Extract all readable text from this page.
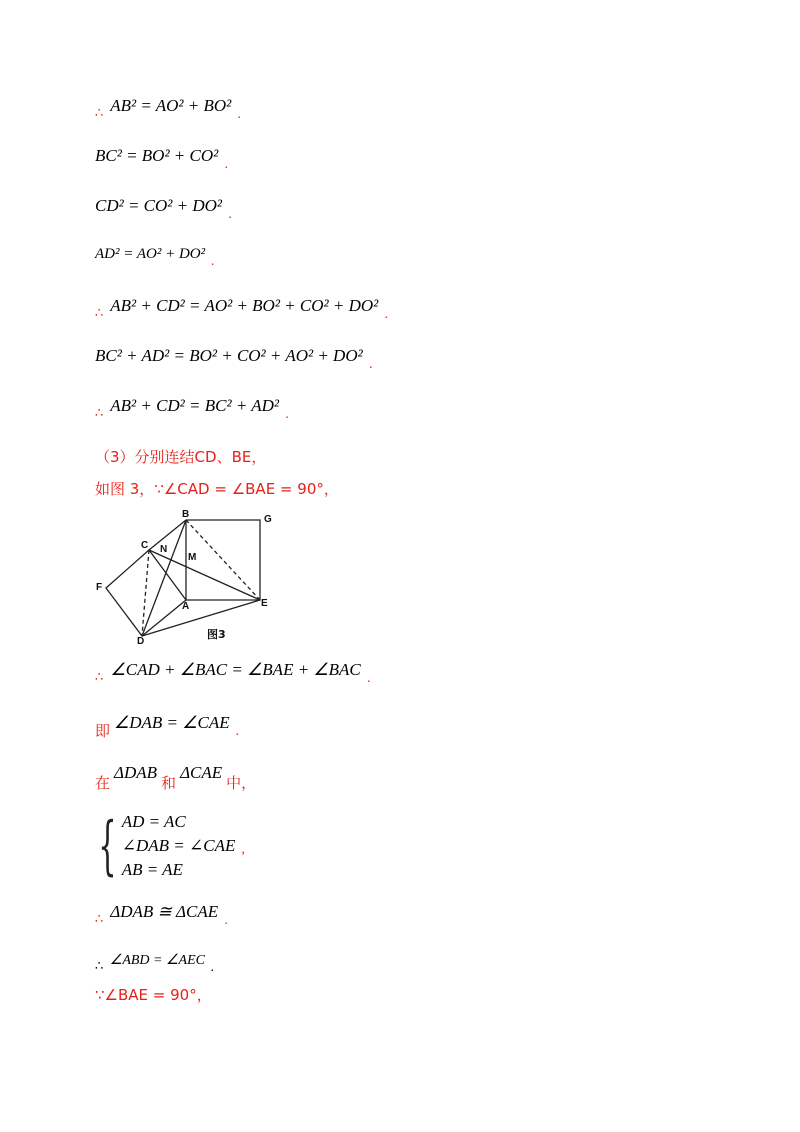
$_\therefore$ AB² = AO² + BO² $_.$
BC² = BO² + CO² $_.$
CD² = CO² + DO² $_.$
AD² = AO² + DO² .
$_\therefore$ AB² + CD² = AO² + BO² + CO² + DO² $_.$
BC² + AD² = BO² + CO² + AO² + DO² $_.$
$_\therefore$ AB² + CD² = BC² + AD² $_.$
（3）分别连结CD、BE，
如图 3，∵∠CAD = ∠BAE = 90°，
B	G
C N
M
F
A	E
D
图3
$_\therefore$ ∠CAD + ∠BAC = ∠BAE + ∠BAC $_.$
即 ∠DAB = ∠CAE .
在 ΔDAB 和 ΔCAE 中，
{ AD = AC
∠DAB = ∠CAE
AB = AE
,
$_\therefore$ ΔDAB ≅ ΔCAE $_.$
∴ ∠ABD = ∠AEC .
∵∠BAE = 90°，
